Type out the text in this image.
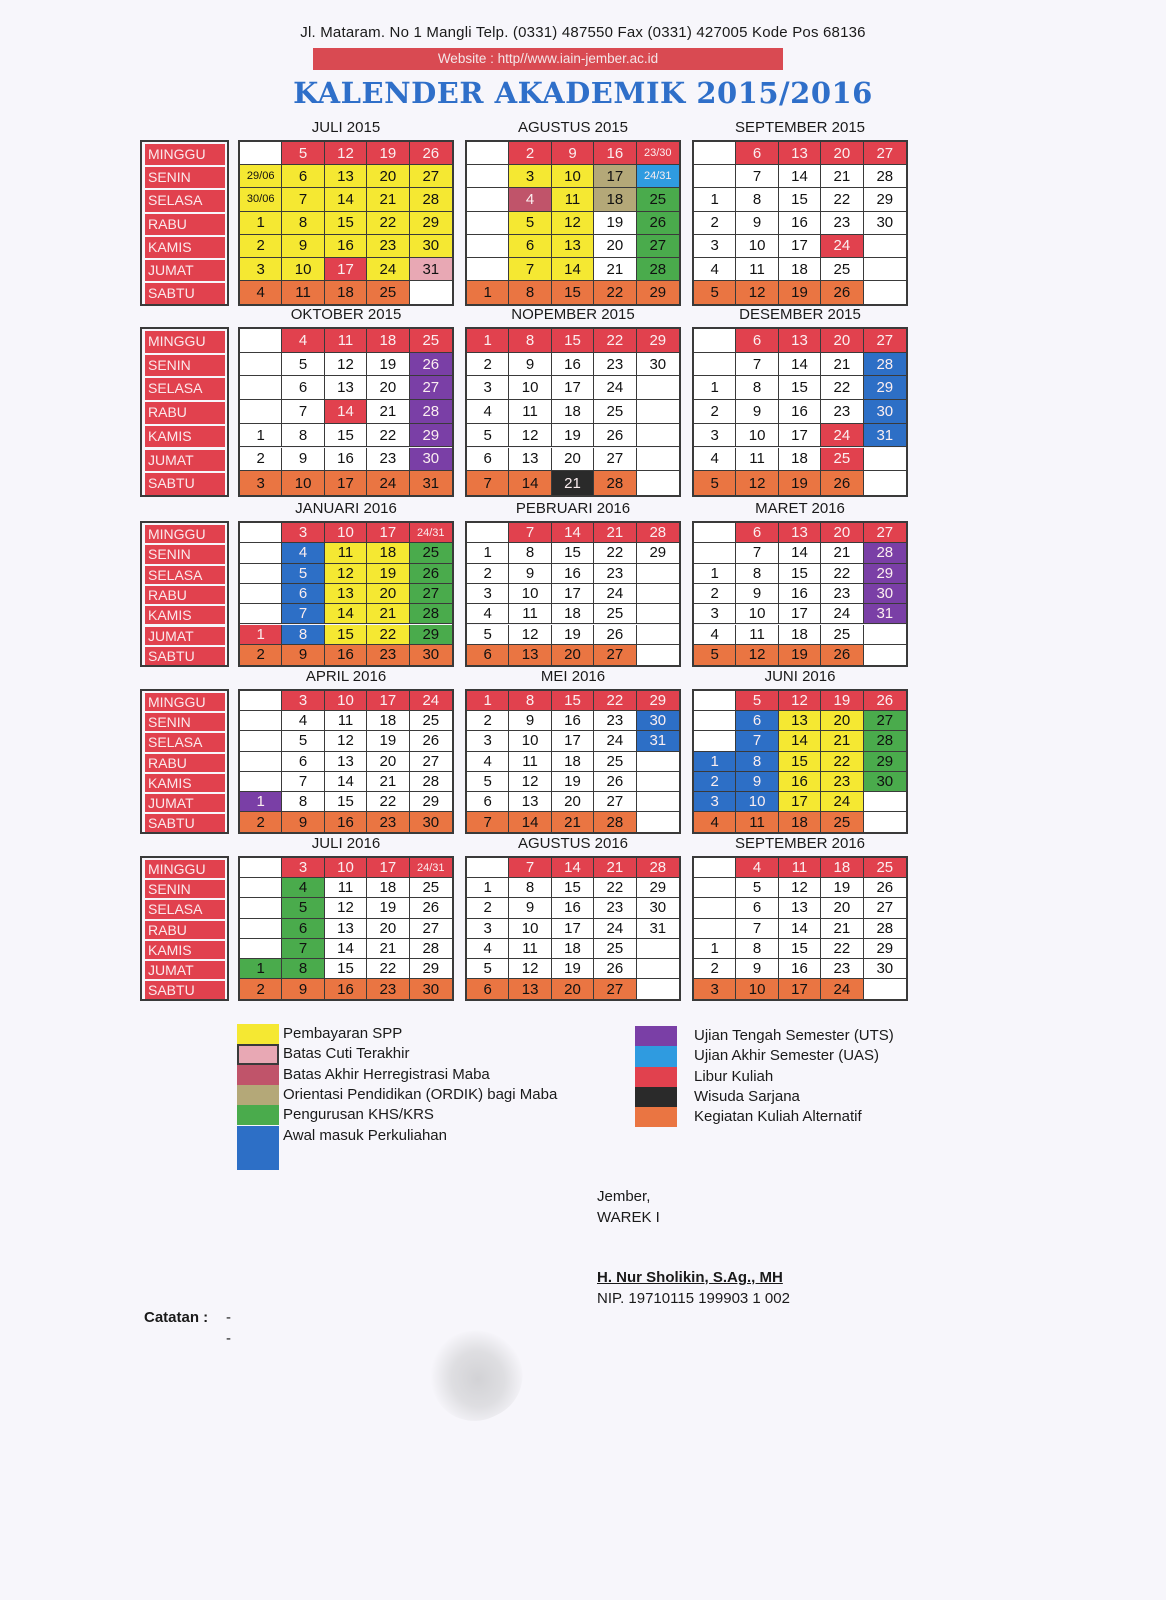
Jl. Mataram. No 1 Mangli Telp. (0331) 487550 Fax (0331) 427005 Kode Pos 68136
Website : http//www.iain-jember.ac.id
KALENDER AKADEMIK 2015/2016
MINGGU
SENIN
SELASA
RABU
KAMIS
JUMAT
SABTU
JULI 2015
29/06
30/06
1
2
3
4
5
6
7
8
9
10
11
12
13
14
15
16
17
18
19
20
21
22
23
24
25
26
27
28
29
30
31
AGUSTUS 2015
1
2
3
4
5
6
7
8
9
10
11
12
13
14
15
16
17
18
19
20
21
22
23/30
24/31
25
26
27
28
29
SEPTEMBER 2015
1
2
3
4
5
6
7
8
9
10
11
12
13
14
15
16
17
18
19
20
21
22
23
24
25
26
27
28
29
30
MINGGU
SENIN
SELASA
RABU
KAMIS
JUMAT
SABTU
OKTOBER 2015
1
2
3
4
5
6
7
8
9
10
11
12
13
14
15
16
17
18
19
20
21
22
23
24
25
26
27
28
29
30
31
NOPEMBER 2015
1
2
3
4
5
6
7
8
9
10
11
12
13
14
15
16
17
18
19
20
21
22
23
24
25
26
27
28
29
30
DESEMBER 2015
1
2
3
4
5
6
7
8
9
10
11
12
13
14
15
16
17
18
19
20
21
22
23
24
25
26
27
28
29
30
31
MINGGU
SENIN
SELASA
RABU
KAMIS
JUMAT
SABTU
JANUARI 2016
1
2
3
4
5
6
7
8
9
10
11
12
13
14
15
16
17
18
19
20
21
22
23
24/31
25
26
27
28
29
30
PEBRUARI 2016
1
2
3
4
5
6
7
8
9
10
11
12
13
14
15
16
17
18
19
20
21
22
23
24
25
26
27
28
29
MARET 2016
1
2
3
4
5
6
7
8
9
10
11
12
13
14
15
16
17
18
19
20
21
22
23
24
25
26
27
28
29
30
31
MINGGU
SENIN
SELASA
RABU
KAMIS
JUMAT
SABTU
APRIL 2016
1
2
3
4
5
6
7
8
9
10
11
12
13
14
15
16
17
18
19
20
21
22
23
24
25
26
27
28
29
30
MEI 2016
1
2
3
4
5
6
7
8
9
10
11
12
13
14
15
16
17
18
19
20
21
22
23
24
25
26
27
28
29
30
31
JUNI 2016
1
2
3
4
5
6
7
8
9
10
11
12
13
14
15
16
17
18
19
20
21
22
23
24
25
26
27
28
29
30
MINGGU
SENIN
SELASA
RABU
KAMIS
JUMAT
SABTU
JULI 2016
1
2
3
4
5
6
7
8
9
10
11
12
13
14
15
16
17
18
19
20
21
22
23
24/31
25
26
27
28
29
30
AGUSTUS 2016
1
2
3
4
5
6
7
8
9
10
11
12
13
14
15
16
17
18
19
20
21
22
23
24
25
26
27
28
29
30
31
SEPTEMBER 2016
1
2
3
4
5
6
7
8
9
10
11
12
13
14
15
16
17
18
19
20
21
22
23
24
25
26
27
28
29
30
Pembayaran SPP
Batas Cuti Terakhir
Batas Akhir Herregistrasi Maba
Orientasi Pendidikan (ORDIK) bagi Maba
Pengurusan KHS/KRS
Awal masuk Perkuliahan
Ujian Tengah Semester (UTS)
Ujian Akhir Semester (UAS)
Libur Kuliah
Wisuda Sarjana
Kegiatan Kuliah Alternatif
Jember,
WAREK I
H. Nur Sholikin, S.Ag., MH
NIP. 19710115 199903 1 002
Catatan : -
-
